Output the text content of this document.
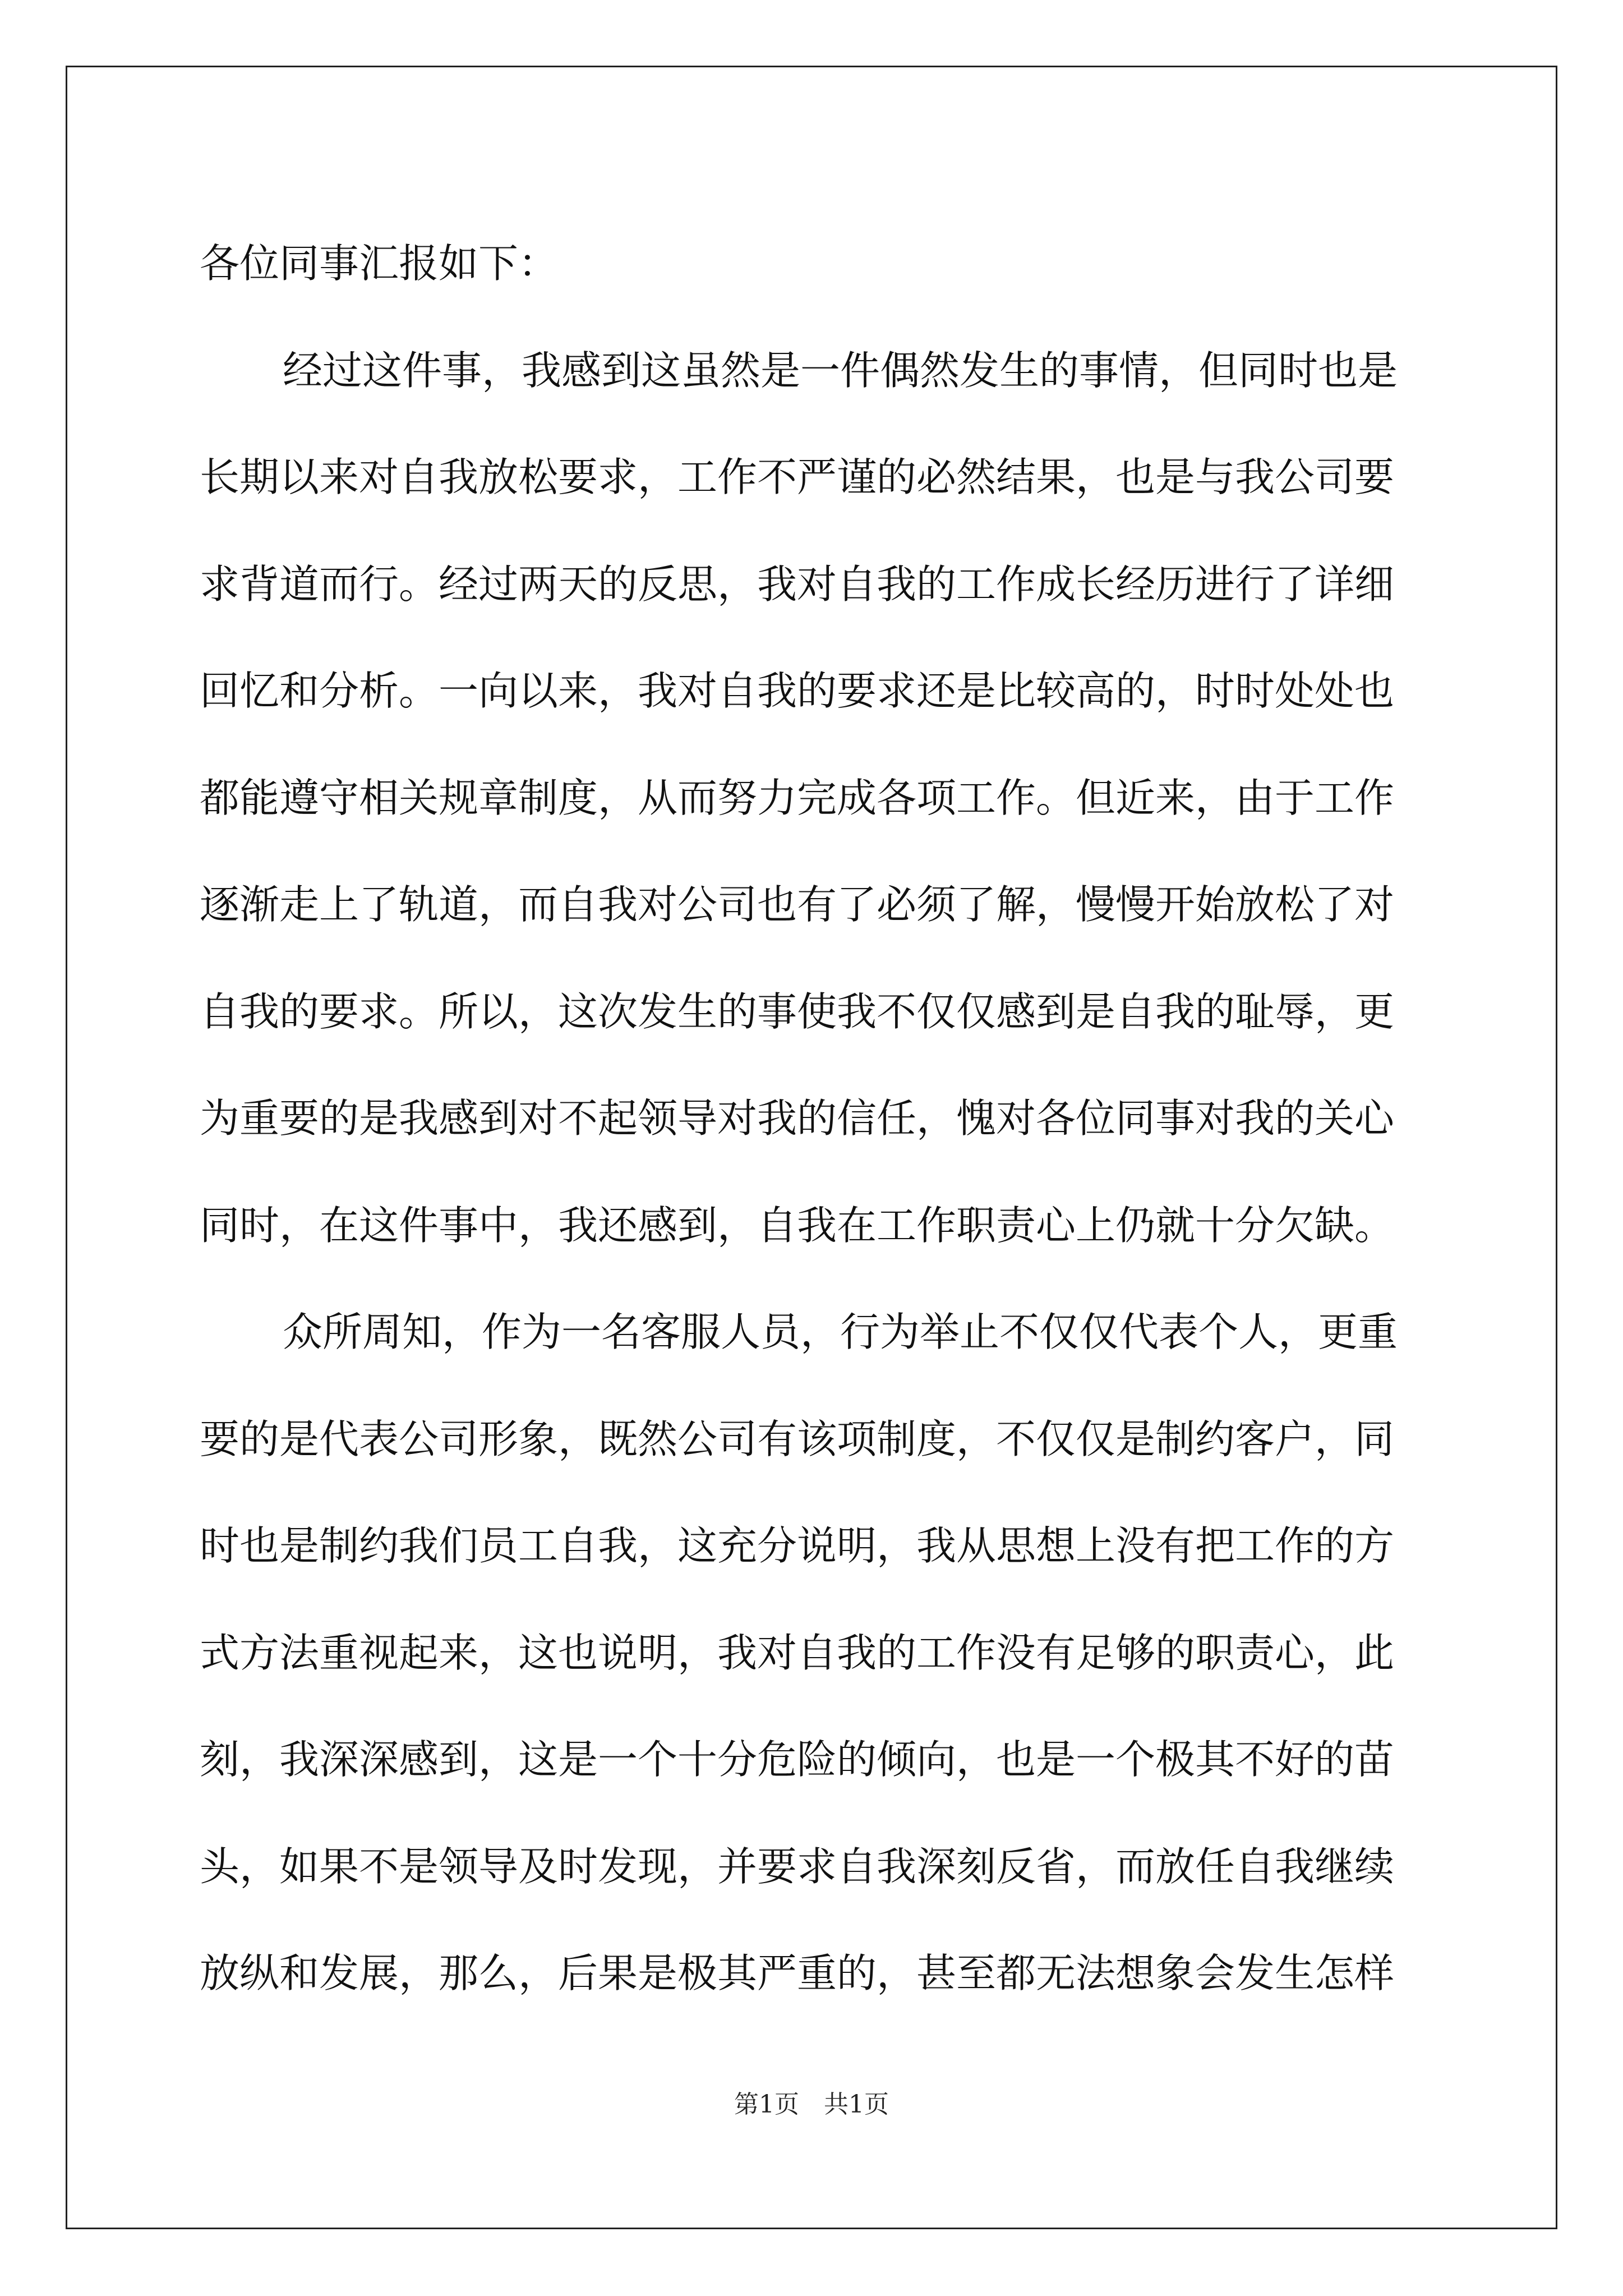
各位同事汇报如下：
经过这件事，我感到这虽然是一件偶然发生的事情，但同时也是
长期以来对自我放松要求，工作不严谨的必然结果，也是与我公司要
求背道而行。经过两天的反思，我对自我的工作成长经历进行了详细
回忆和分析。一向以来，我对自我的要求还是比较高的，时时处处也
都能遵守相关规章制度，从而努力完成各项工作。但近来，由于工作
逐渐走上了轨道，而自我对公司也有了必须了解，慢慢开始放松了对
自我的要求。所以，这次发生的事使我不仅仅感到是自我的耻辱，更
为重要的是我感到对不起领导对我的信任，愧对各位同事对我的关心
同时，在这件事中，我还感到，自我在工作职责心上仍就十分欠缺。
众所周知，作为一名客服人员，行为举止不仅仅代表个人，更重
要的是代表公司形象，既然公司有该项制度，不仅仅是制约客户，同
时也是制约我们员工自我，这充分说明，我从思想上没有把工作的方
式方法重视起来，这也说明，我对自我的工作没有足够的职责心，此
刻，我深深感到，这是一个十分危险的倾向，也是一个极其不好的苗
头，如果不是领导及时发现，并要求自我深刻反省，而放任自我继续
放纵和发展，那么，后果是极其严重的，甚至都无法想象会发生怎样
第1页　共1页
